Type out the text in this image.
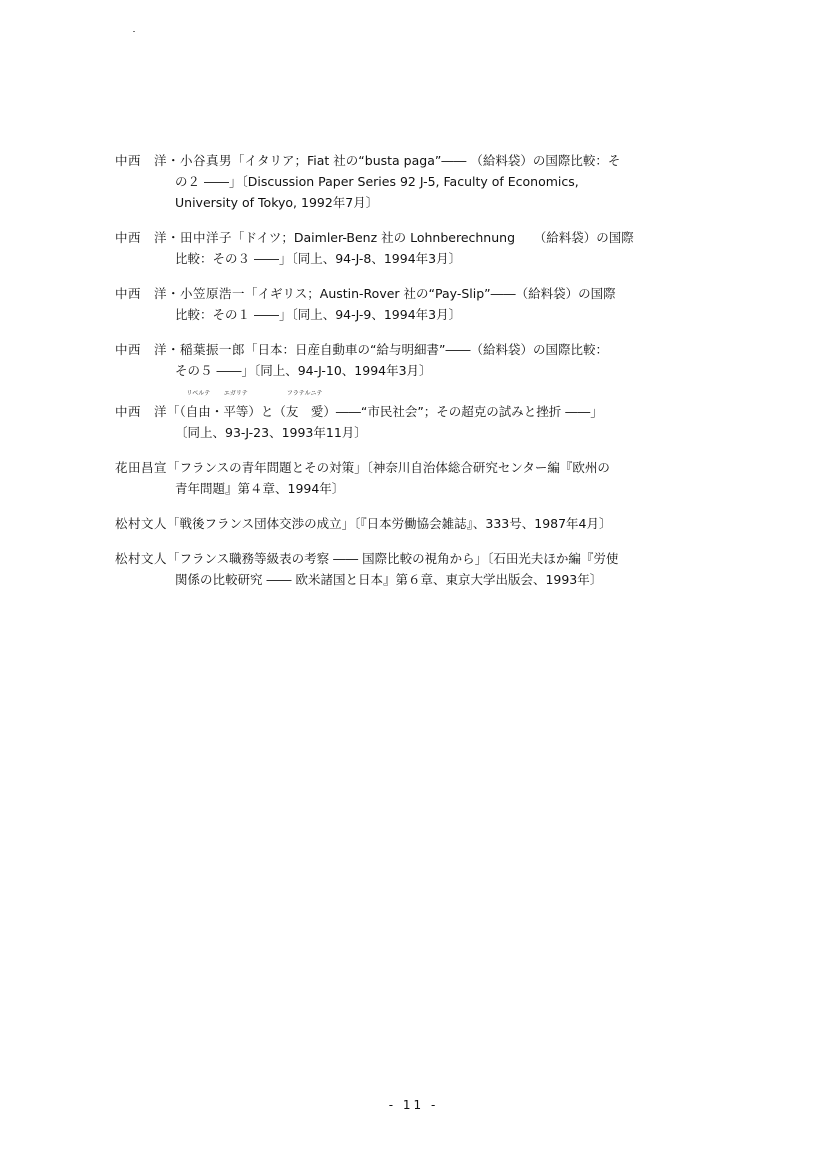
中西　洋・小谷真男「イタリア；Fiat 社の“busta paga”―― （給料袋）の国際比較：そ
の２ ――」〔Discussion Paper Series 92 J-5, Faculty of Economics,
University of Tokyo, 1992年7月〕
中西　洋・田中洋子「ドイツ；Daimler-Benz 社の Lohnberechnung　　（給料袋）の国際
比較：その３ ――」〔同上、94-J-8、1994年3月〕
中西　洋・小笠原浩一「イギリス；Austin-Rover 社の“Pay-Slip”――（給料袋）の国際
比較：その１ ――」〔同上、94-J-9、1994年3月〕
中西　洋・稲葉振一郎「日本：日産自動車の“給与明細書”――（給料袋）の国際比較：
その５ ――」〔同上、94-J-10、1994年3月〕
中西　洋「（自由
リベルテ
・平等
エガリテ
）と（友　愛
フラテルニテ
）――“市民社会”；その超克の試みと挫折 ――」
〔同上、93-J-23、1993年11月〕
花田昌宣「フランスの青年問題とその対策」〔神奈川自治体総合研究センター編『欧州の
青年問題』第４章、1994年〕
松村文人「戦後フランス団体交渉の成立」〔『日本労働協会雑誌』、333号、1987年4月〕
松村文人「フランス職務等級表の考察 ―― 国際比較の視角から」〔石田光夫ほか編『労使
関係の比較研究 ―― 欧米諸国と日本』第６章、東京大学出版会、1993年〕
- 11 -
